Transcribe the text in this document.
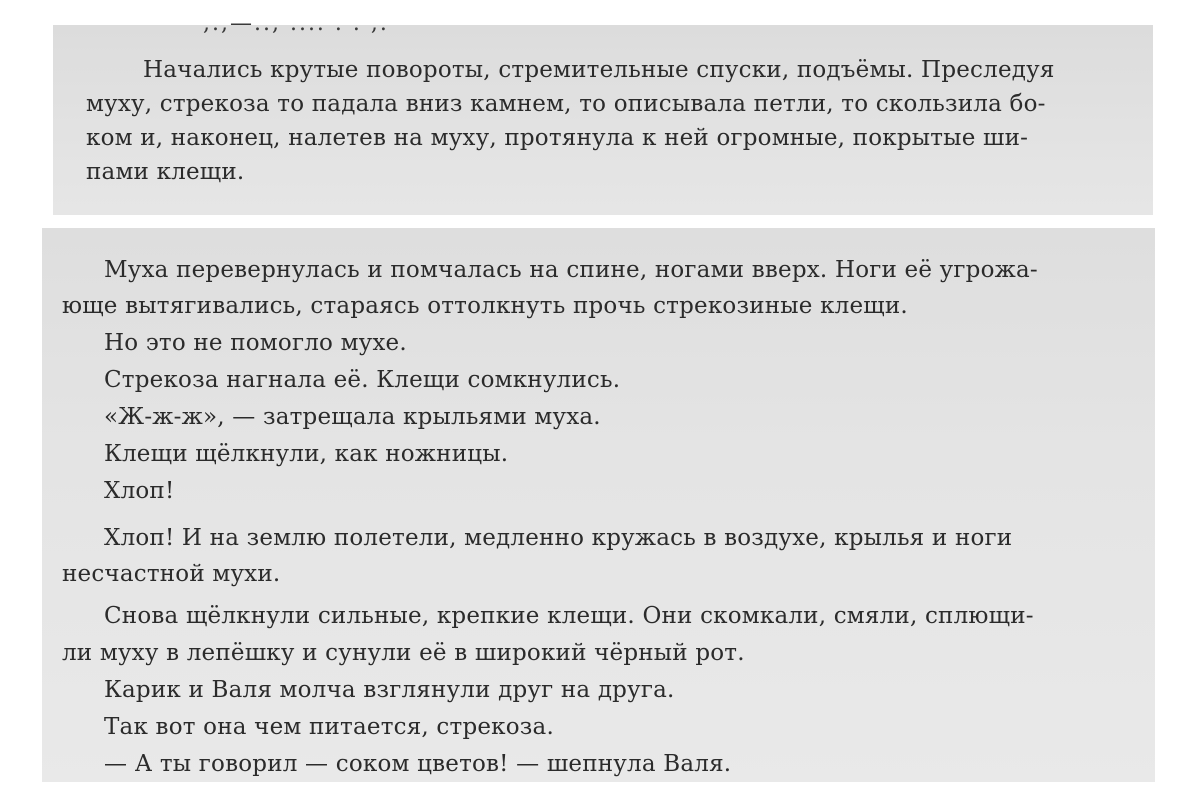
,.,—.., .... . . ,.
Начались крутые повороты, стремительные спуски, подъёмы. Преследуя
муху, стрекоза то падала вниз камнем, то описывала петли, то скользила бо-
ком и, наконец, налетев на муху, протянула к ней огромные, покрытые ши-
пами клещи.
Муха перевернулась и помчалась на спине, ногами вверх. Ноги её угрожа-
юще вытягивались, стараясь оттолкнуть прочь стрекозиные клещи.
Но это не помогло мухе.
Стрекоза нагнала её. Клещи сомкнулись.
«Ж-ж-ж», — затрещала крыльями муха.
Клещи щёлкнули, как ножницы.
Хлоп!
Хлоп! И на землю полетели, медленно кружась в воздухе, крылья и ноги
несчастной мухи.
Снова щёлкнули сильные, крепкие клещи. Они скомкали, смяли, сплющи-
ли муху в лепёшку и сунули её в широкий чёрный рот.
Карик и Валя молча взглянули друг на друга.
Так вот она чем питается, стрекоза.
— А ты говорил — соком цветов! — шепнула Валя.
